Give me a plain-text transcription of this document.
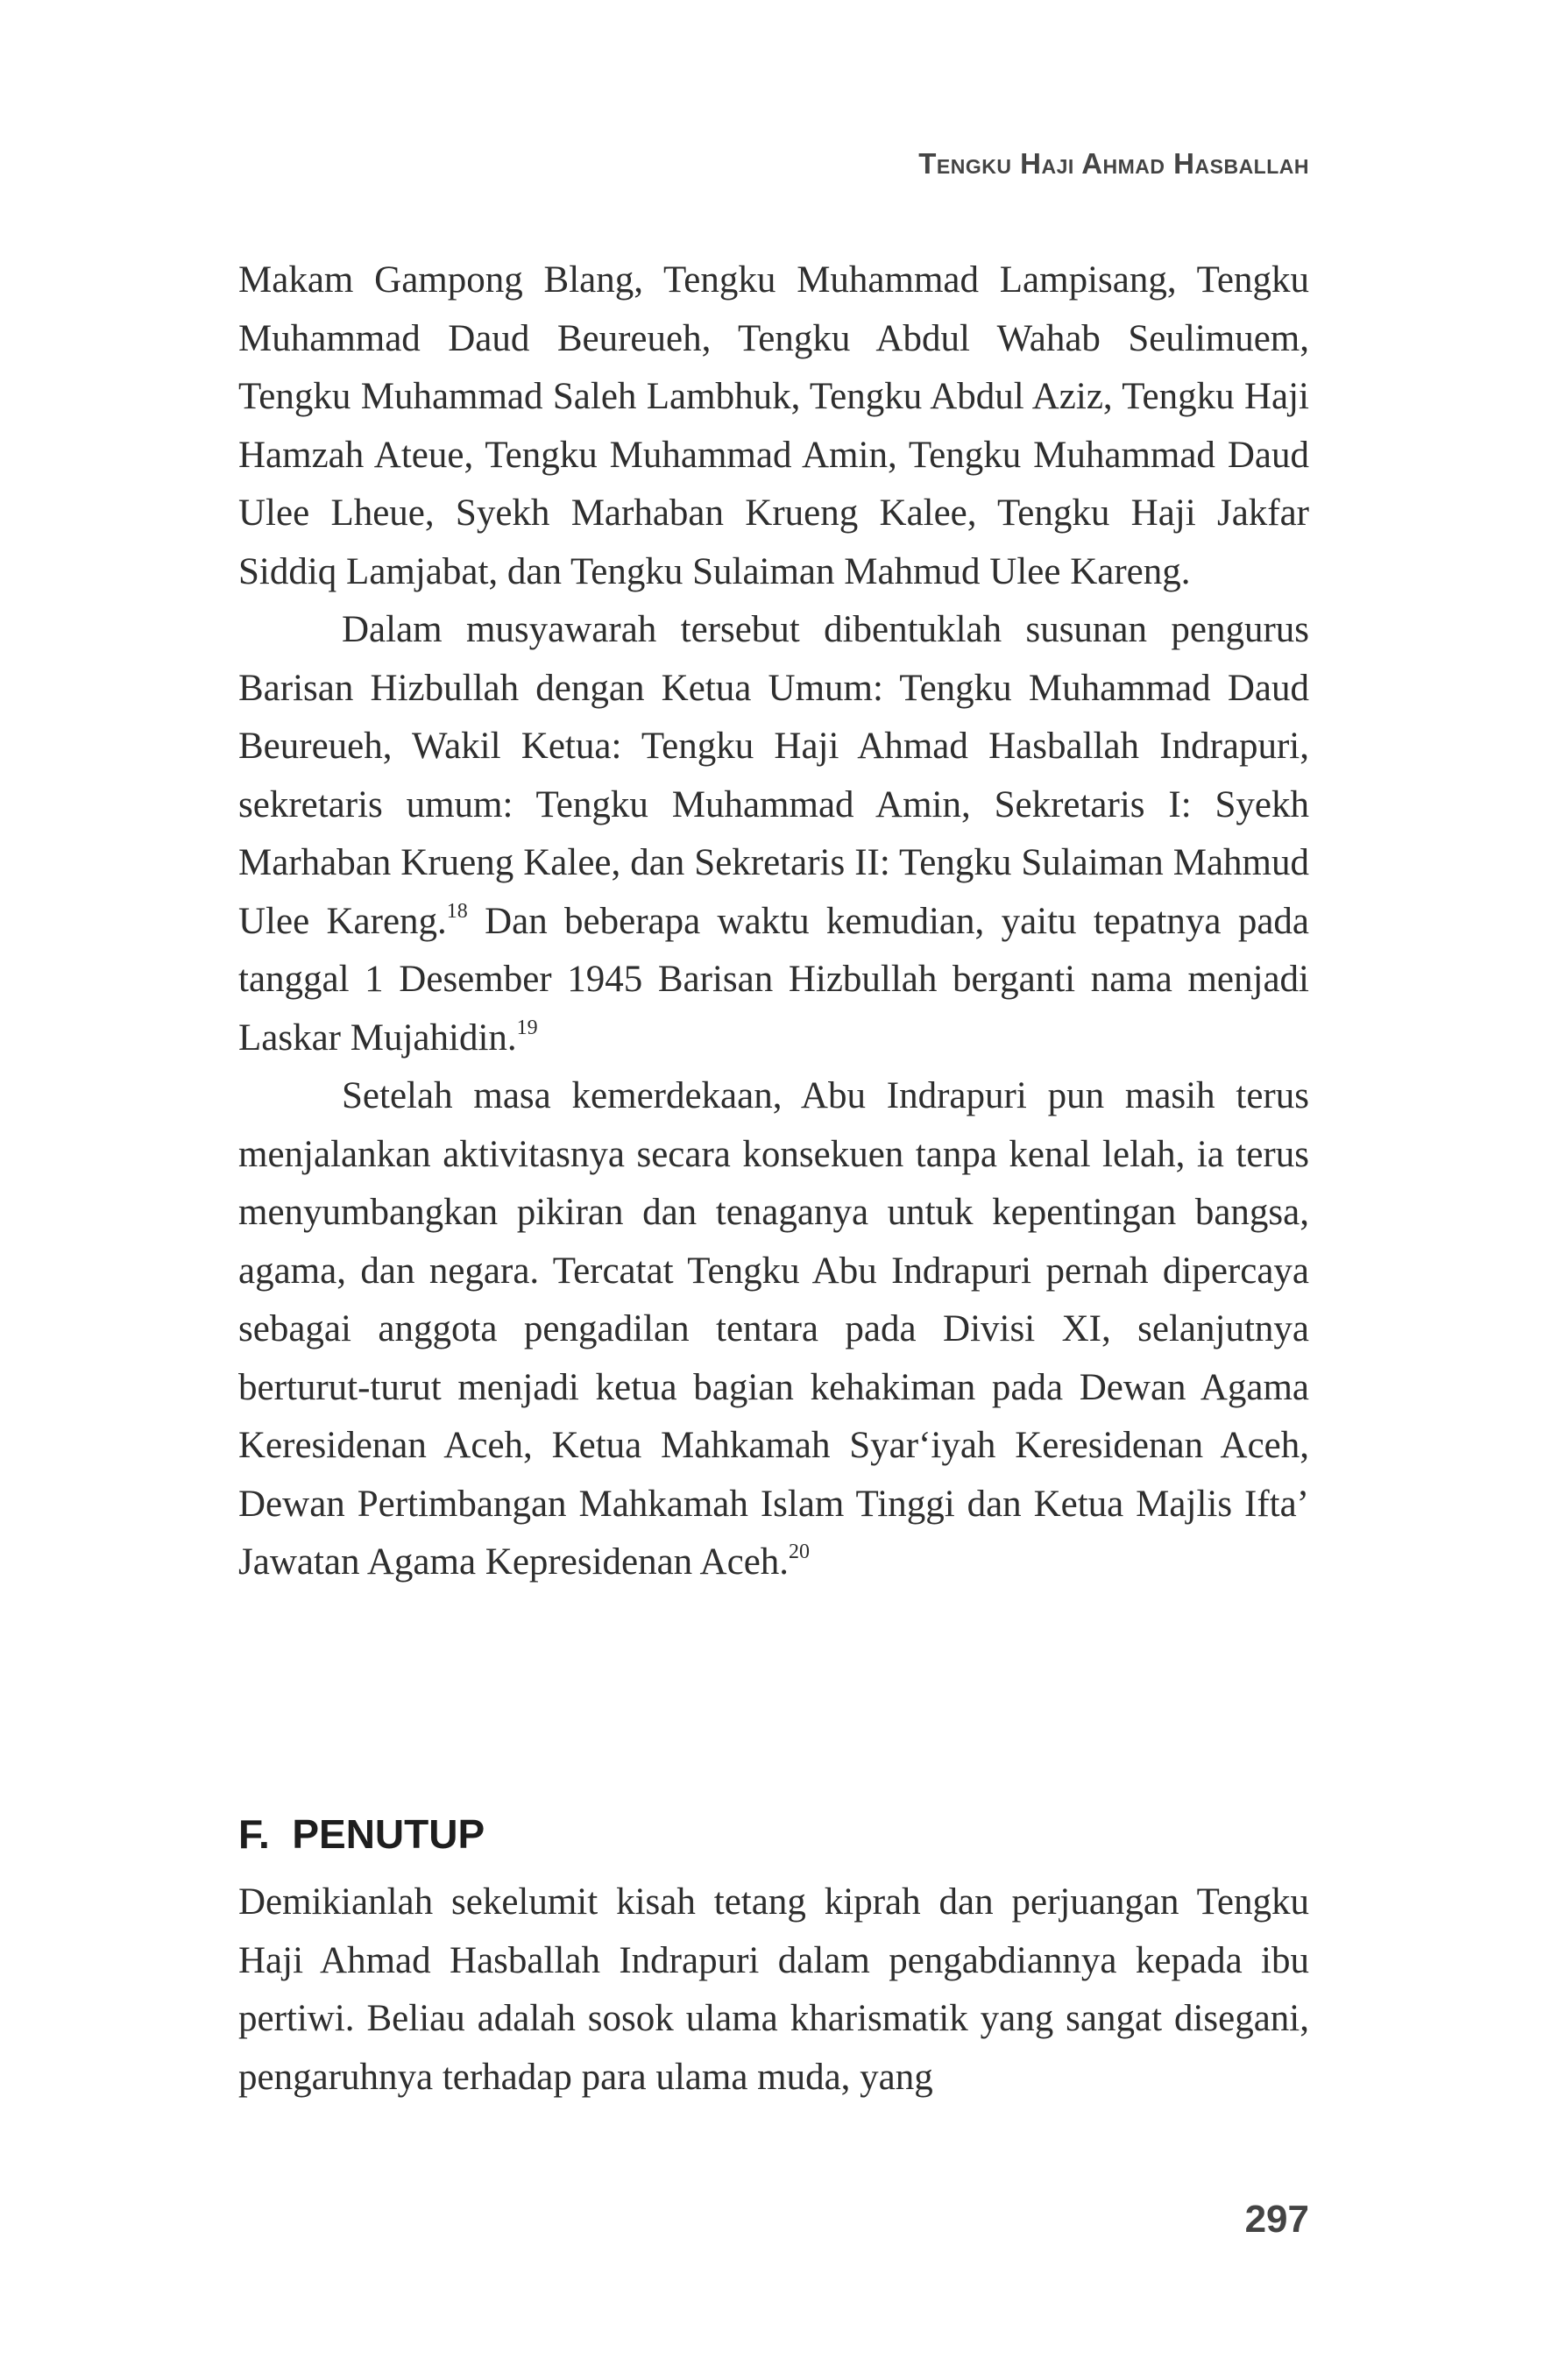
Tengku Haji Ahmad Hasballah

Makam Gampong Blang, Tengku Muhammad Lampisang, Tengku Muhammad Daud Beureueh, Tengku Abdul Wahab Seulimuem, Tengku Muhammad Saleh Lambhuk, Tengku Abdul Aziz, Tengku Haji Hamzah Ateue, Tengku Muhammad Amin, Tengku Muhammad Daud Ulee Lheue, Syekh Marhaban Krueng Kalee, Tengku Haji Jakfar Siddiq Lamjabat, dan Tengku Sulaiman Mahmud Ulee Kareng.

Dalam musyawarah tersebut dibentuklah susunan pengurus Barisan Hizbullah dengan Ketua Umum: Tengku Muhammad Daud Beureueh, Wakil Ketua: Tengku Haji Ahmad Hasballah Indrapuri, sekretaris umum: Tengku Muhammad Amin, Sekretaris I: Syekh Marhaban Krueng Kalee, dan Sekretaris II: Tengku Sulaiman Mahmud Ulee Kareng.$^{18}$ Dan beberapa waktu kemudian, yaitu tepatnya pada tanggal 1 Desember 1945 Barisan Hizbullah berganti nama menjadi Laskar Mujahidin.$^{19}$

Setelah masa kemerdekaan, Abu Indrapuri pun masih terus menjalankan aktivitasnya secara konsekuen tanpa kenal lelah, ia terus menyumbangkan pikiran dan tenaganya untuk kepentingan bangsa, agama, dan negara. Tercatat Tengku Abu Indrapuri pernah dipercaya sebagai anggota pengadilan tentara pada Divisi XI, selanjutnya berturut-turut menjadi ketua bagian kehakiman pada Dewan Agama Keresidenan Aceh, Ketua Mahkamah Syar‘iyah Keresidenan Aceh, Dewan Pertimbangan Mahkamah Islam Tinggi dan Ketua Majlis Ifta’ Jawatan Agama Kepresidenan Aceh.$^{20}$

F.  PENUTUP

Demikianlah sekelumit kisah tetang kiprah dan perjuangan Tengku Haji Ahmad Hasballah Indrapuri dalam pengabdiannya kepada ibu pertiwi. Beliau adalah sosok ulama kharismatik yang sangat disegani, pengaruhnya terhadap para ulama muda, yang

297
